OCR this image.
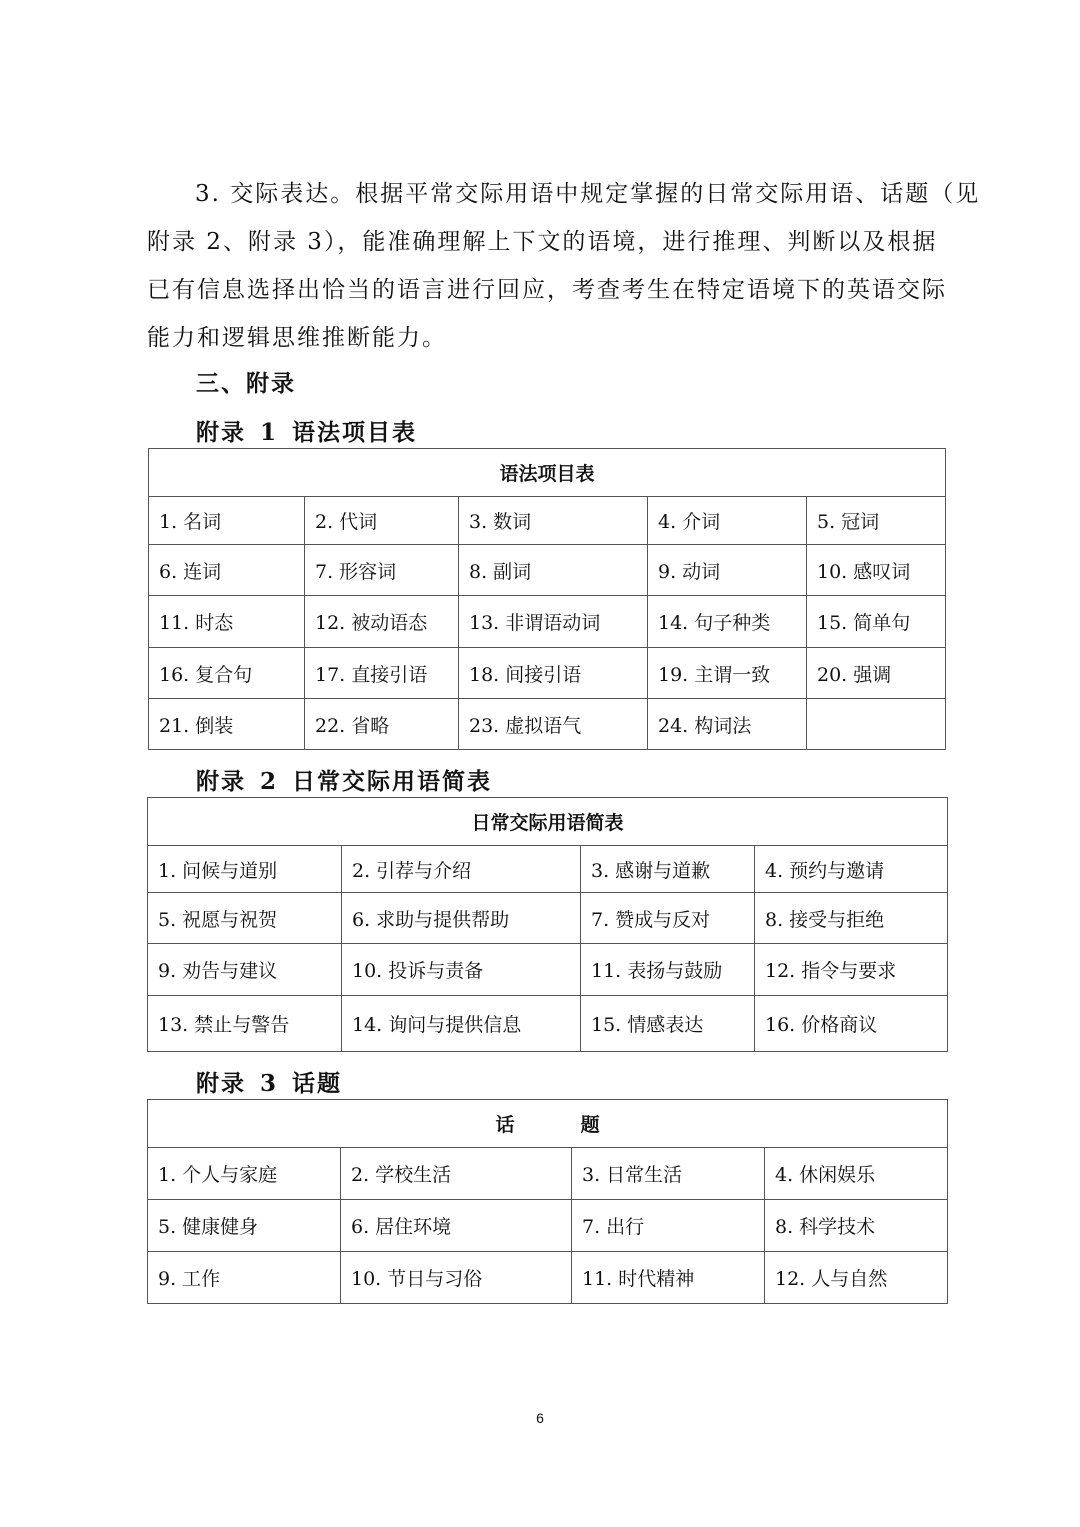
3. 交际表达。根据平常交际用语中规定掌握的日常交际用语、话题（见
附录 2、附录 3），能准确理解上下文的语境，进行推理、判断以及根据
已有信息选择出恰当的语言进行回应，考查考生在特定语境下的英语交际
能力和逻辑思维推断能力。
三、附录
附录 1 语法项目表
语法项目表				
1. 名词	2. 代词	3. 数词	4. 介词	5. 冠词
6. 连词	7. 形容词	8. 副词	9. 动词	10. 感叹词
11. 时态	12. 被动语态	13. 非谓语动词	14. 句子种类	15. 简单句
16. 复合句	17. 直接引语	18. 间接引语	19. 主谓一致	20. 强调
21. 倒装	22. 省略	23. 虚拟语气	24. 构词法	
附录 2 日常交际用语简表
日常交际用语简表			
1. 问候与道别	2. 引荐与介绍	3. 感谢与道歉	4. 预约与邀请
5. 祝愿与祝贺	6. 求助与提供帮助	7. 赞成与反对	8. 接受与拒绝
9. 劝告与建议	10. 投诉与责备	11. 表扬与鼓励	12. 指令与要求
13. 禁止与警告	14. 询问与提供信息	15. 情感表达	16. 价格商议
附录 3 话题
话          题			
1. 个人与家庭	2. 学校生活	3. 日常生活	4. 休闲娱乐
5. 健康健身	6. 居住环境	7. 出行	8. 科学技术
9. 工作	10. 节日与习俗	11. 时代精神	12. 人与自然
6
